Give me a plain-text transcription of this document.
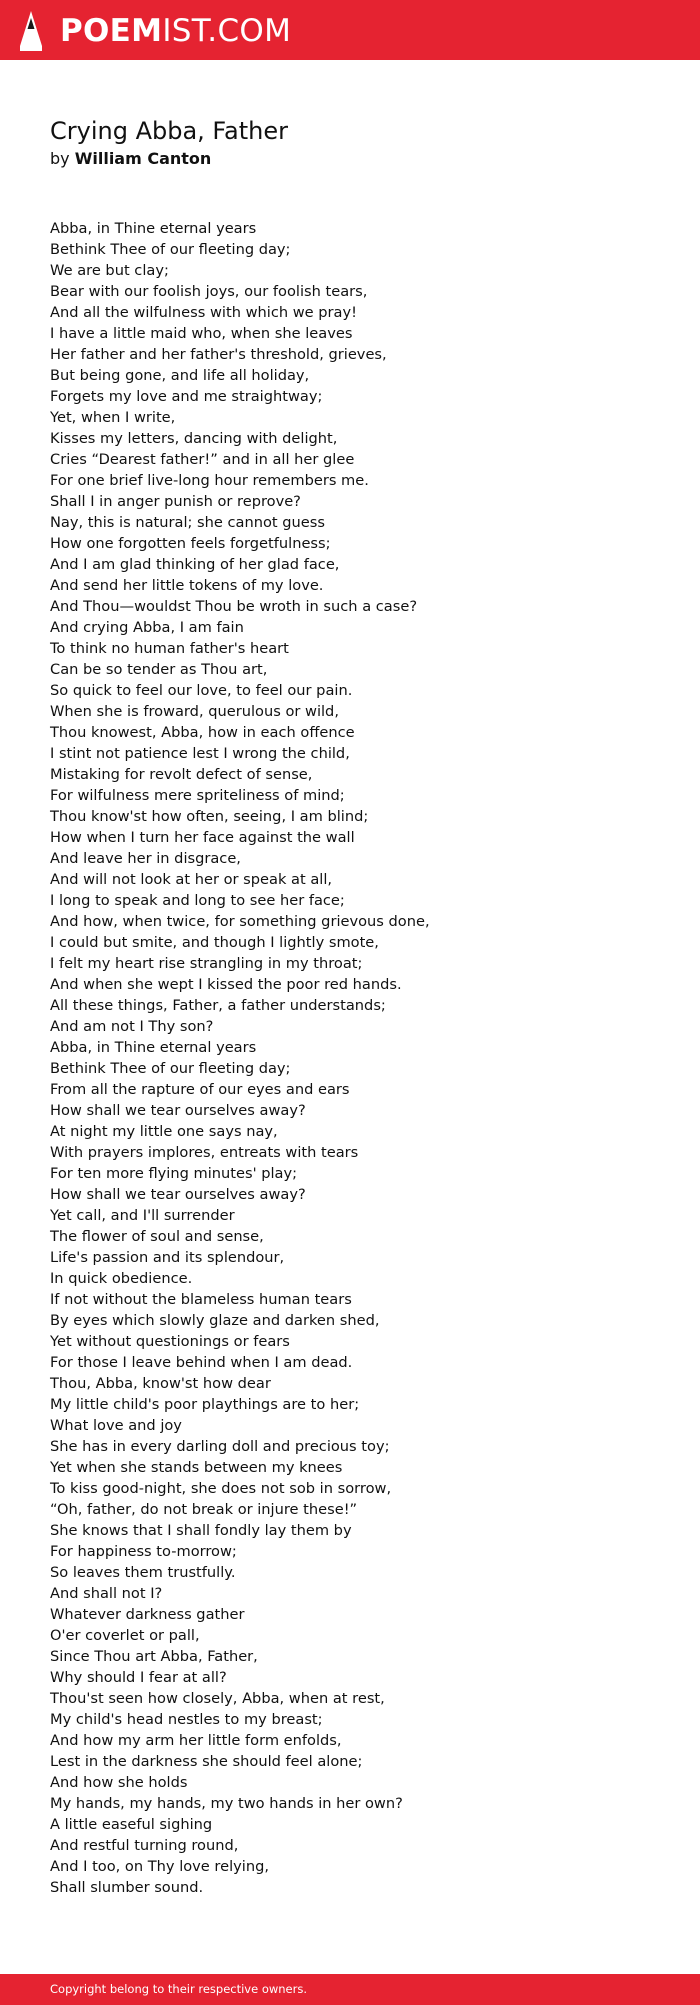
POEMIST.COM
Crying Abba, Father
by William Canton
Abba, in Thine eternal years
Bethink Thee of our fleeting day;
We are but clay;
Bear with our foolish joys, our foolish tears,
And all the wilfulness with which we pray!
I have a little maid who, when she leaves
Her father and her father's threshold, grieves,
But being gone, and life all holiday,
Forgets my love and me straightway;
Yet, when I write,
Kisses my letters, dancing with delight,
Cries “Dearest father!” and in all her glee
For one brief live-long hour remembers me.
Shall I in anger punish or reprove?
Nay, this is natural; she cannot guess
How one forgotten feels forgetfulness;
And I am glad thinking of her glad face,
And send her little tokens of my love.
And Thou—wouldst Thou be wroth in such a case?
And crying Abba, I am fain
To think no human father's heart
Can be so tender as Thou art,
So quick to feel our love, to feel our pain.
When she is froward, querulous or wild,
Thou knowest, Abba, how in each offence
I stint not patience lest I wrong the child,
Mistaking for revolt defect of sense,
For wilfulness mere spriteliness of mind;
Thou know'st how often, seeing, I am blind;
How when I turn her face against the wall
And leave her in disgrace,
And will not look at her or speak at all,
I long to speak and long to see her face;
And how, when twice, for something grievous done,
I could but smite, and though I lightly smote,
I felt my heart rise strangling in my throat;
And when she wept I kissed the poor red hands.
All these things, Father, a father understands;
And am not I Thy son?
Abba, in Thine eternal years
Bethink Thee of our fleeting day;
From all the rapture of our eyes and ears
How shall we tear ourselves away?
At night my little one says nay,
With prayers implores, entreats with tears
For ten more flying minutes' play;
How shall we tear ourselves away?
Yet call, and I'll surrender
The flower of soul and sense,
Life's passion and its splendour,
In quick obedience.
If not without the blameless human tears
By eyes which slowly glaze and darken shed,
Yet without questionings or fears
For those I leave behind when I am dead.
Thou, Abba, know'st how dear
My little child's poor playthings are to her;
What love and joy
She has in every darling doll and precious toy;
Yet when she stands between my knees
To kiss good-night, she does not sob in sorrow,
“Oh, father, do not break or injure these!”
She knows that I shall fondly lay them by
For happiness to-morrow;
So leaves them trustfully.
And shall not I?
Whatever darkness gather
O'er coverlet or pall,
Since Thou art Abba, Father,
Why should I fear at all?
Thou'st seen how closely, Abba, when at rest,
My child's head nestles to my breast;
And how my arm her little form enfolds,
Lest in the darkness she should feel alone;
And how she holds
My hands, my hands, my two hands in her own?
A little easeful sighing
And restful turning round,
And I too, on Thy love relying,
Shall slumber sound.
Copyright belong to their respective owners.
